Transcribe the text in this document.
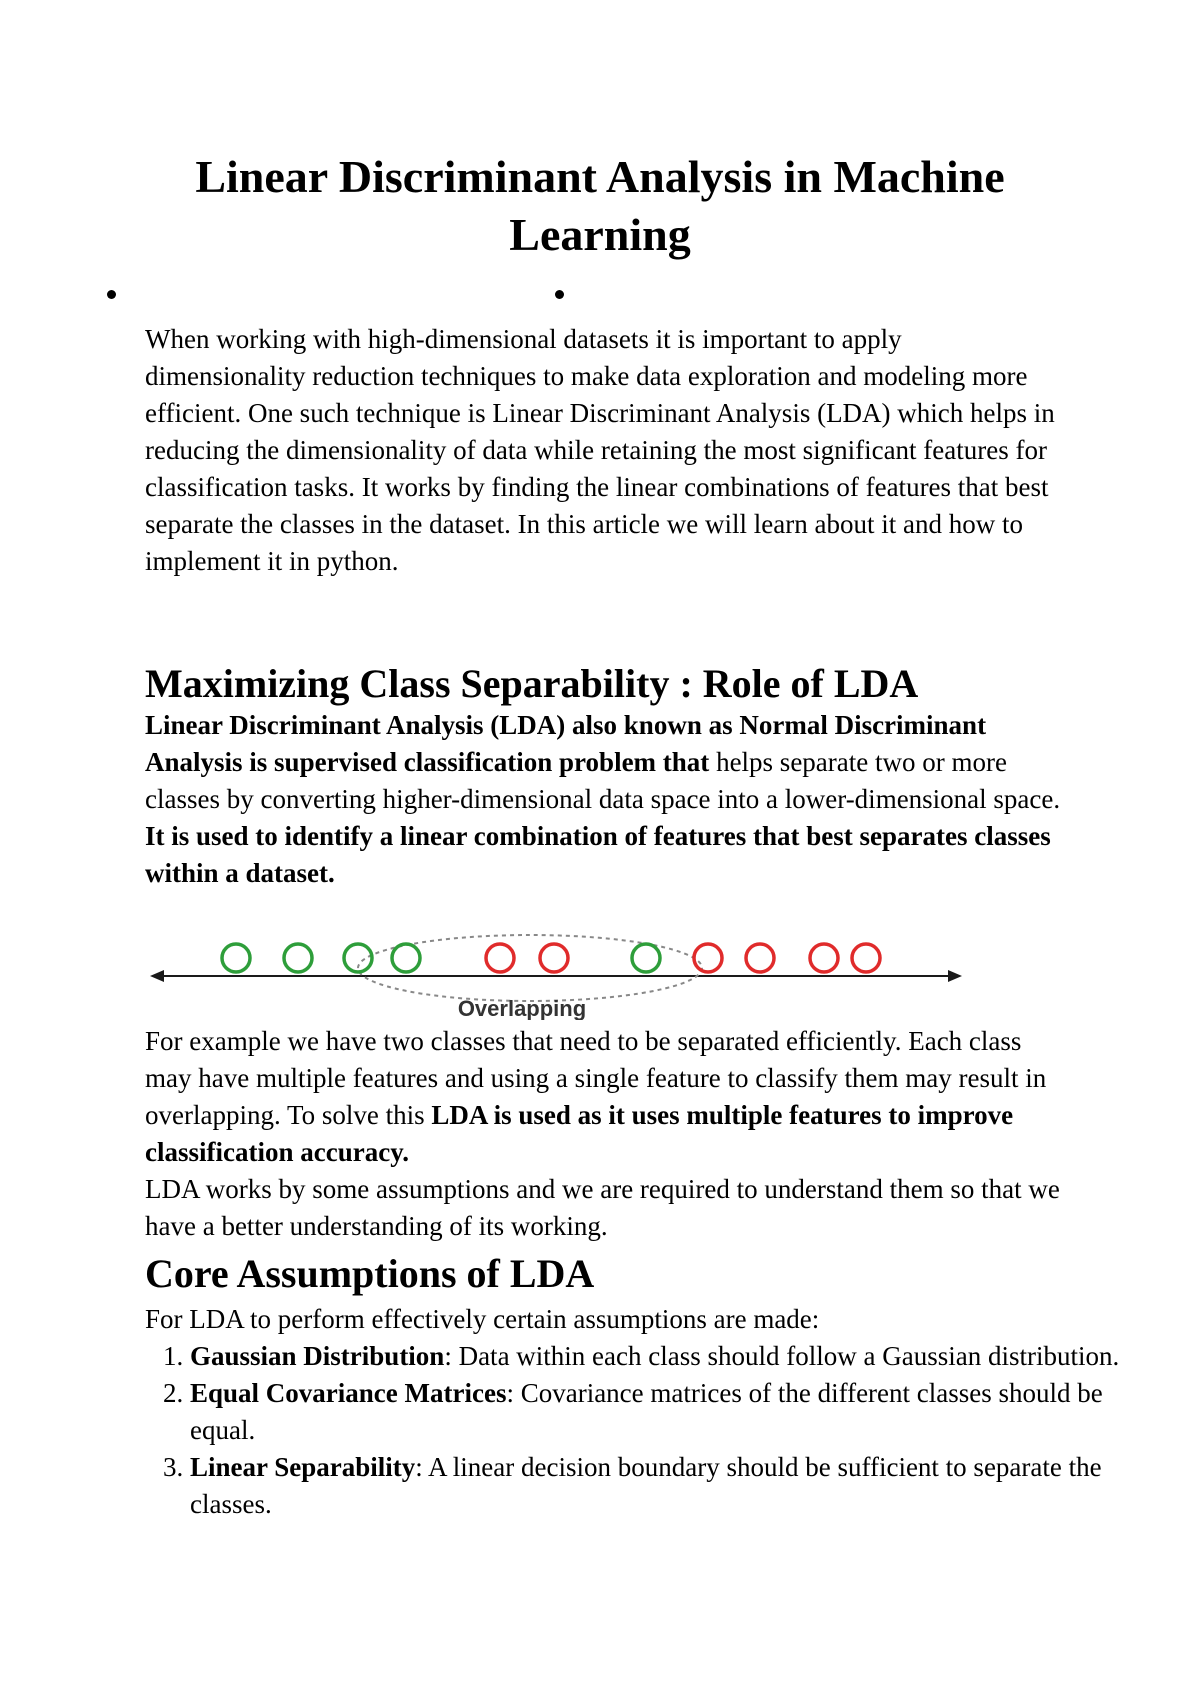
Linear Discriminant Analysis in Machine Learning

When working with high-dimensional datasets it is important to apply dimensionality reduction techniques to make data exploration and modeling more efficient. One such technique is Linear Discriminant Analysis (LDA) which helps in reducing the dimensionality of data while retaining the most significant features for classification tasks. It works by finding the linear combinations of features that best separate the classes in the dataset. In this article we will learn about it and how to implement it in python.

Maximizing Class Separability : Role of LDA

Linear Discriminant Analysis (LDA) also known as Normal Discriminant Analysis is supervised classification problem that helps separate two or more classes by converting higher-dimensional data space into a lower-dimensional space. It is used to identify a linear combination of features that best separates classes within a dataset.

Overlapping

For example we have two classes that need to be separated efficiently. Each class may have multiple features and using a single feature to classify them may result in overlapping. To solve this LDA is used as it uses multiple features to improve classification accuracy.

LDA works by some assumptions and we are required to understand them so that we have a better understanding of its working.

Core Assumptions of LDA

For LDA to perform effectively certain assumptions are made:

1. Gaussian Distribution: Data within each class should follow a Gaussian distribution.
2. Equal Covariance Matrices: Covariance matrices of the different classes should be equal.
3. Linear Separability: A linear decision boundary should be sufficient to separate the classes.
